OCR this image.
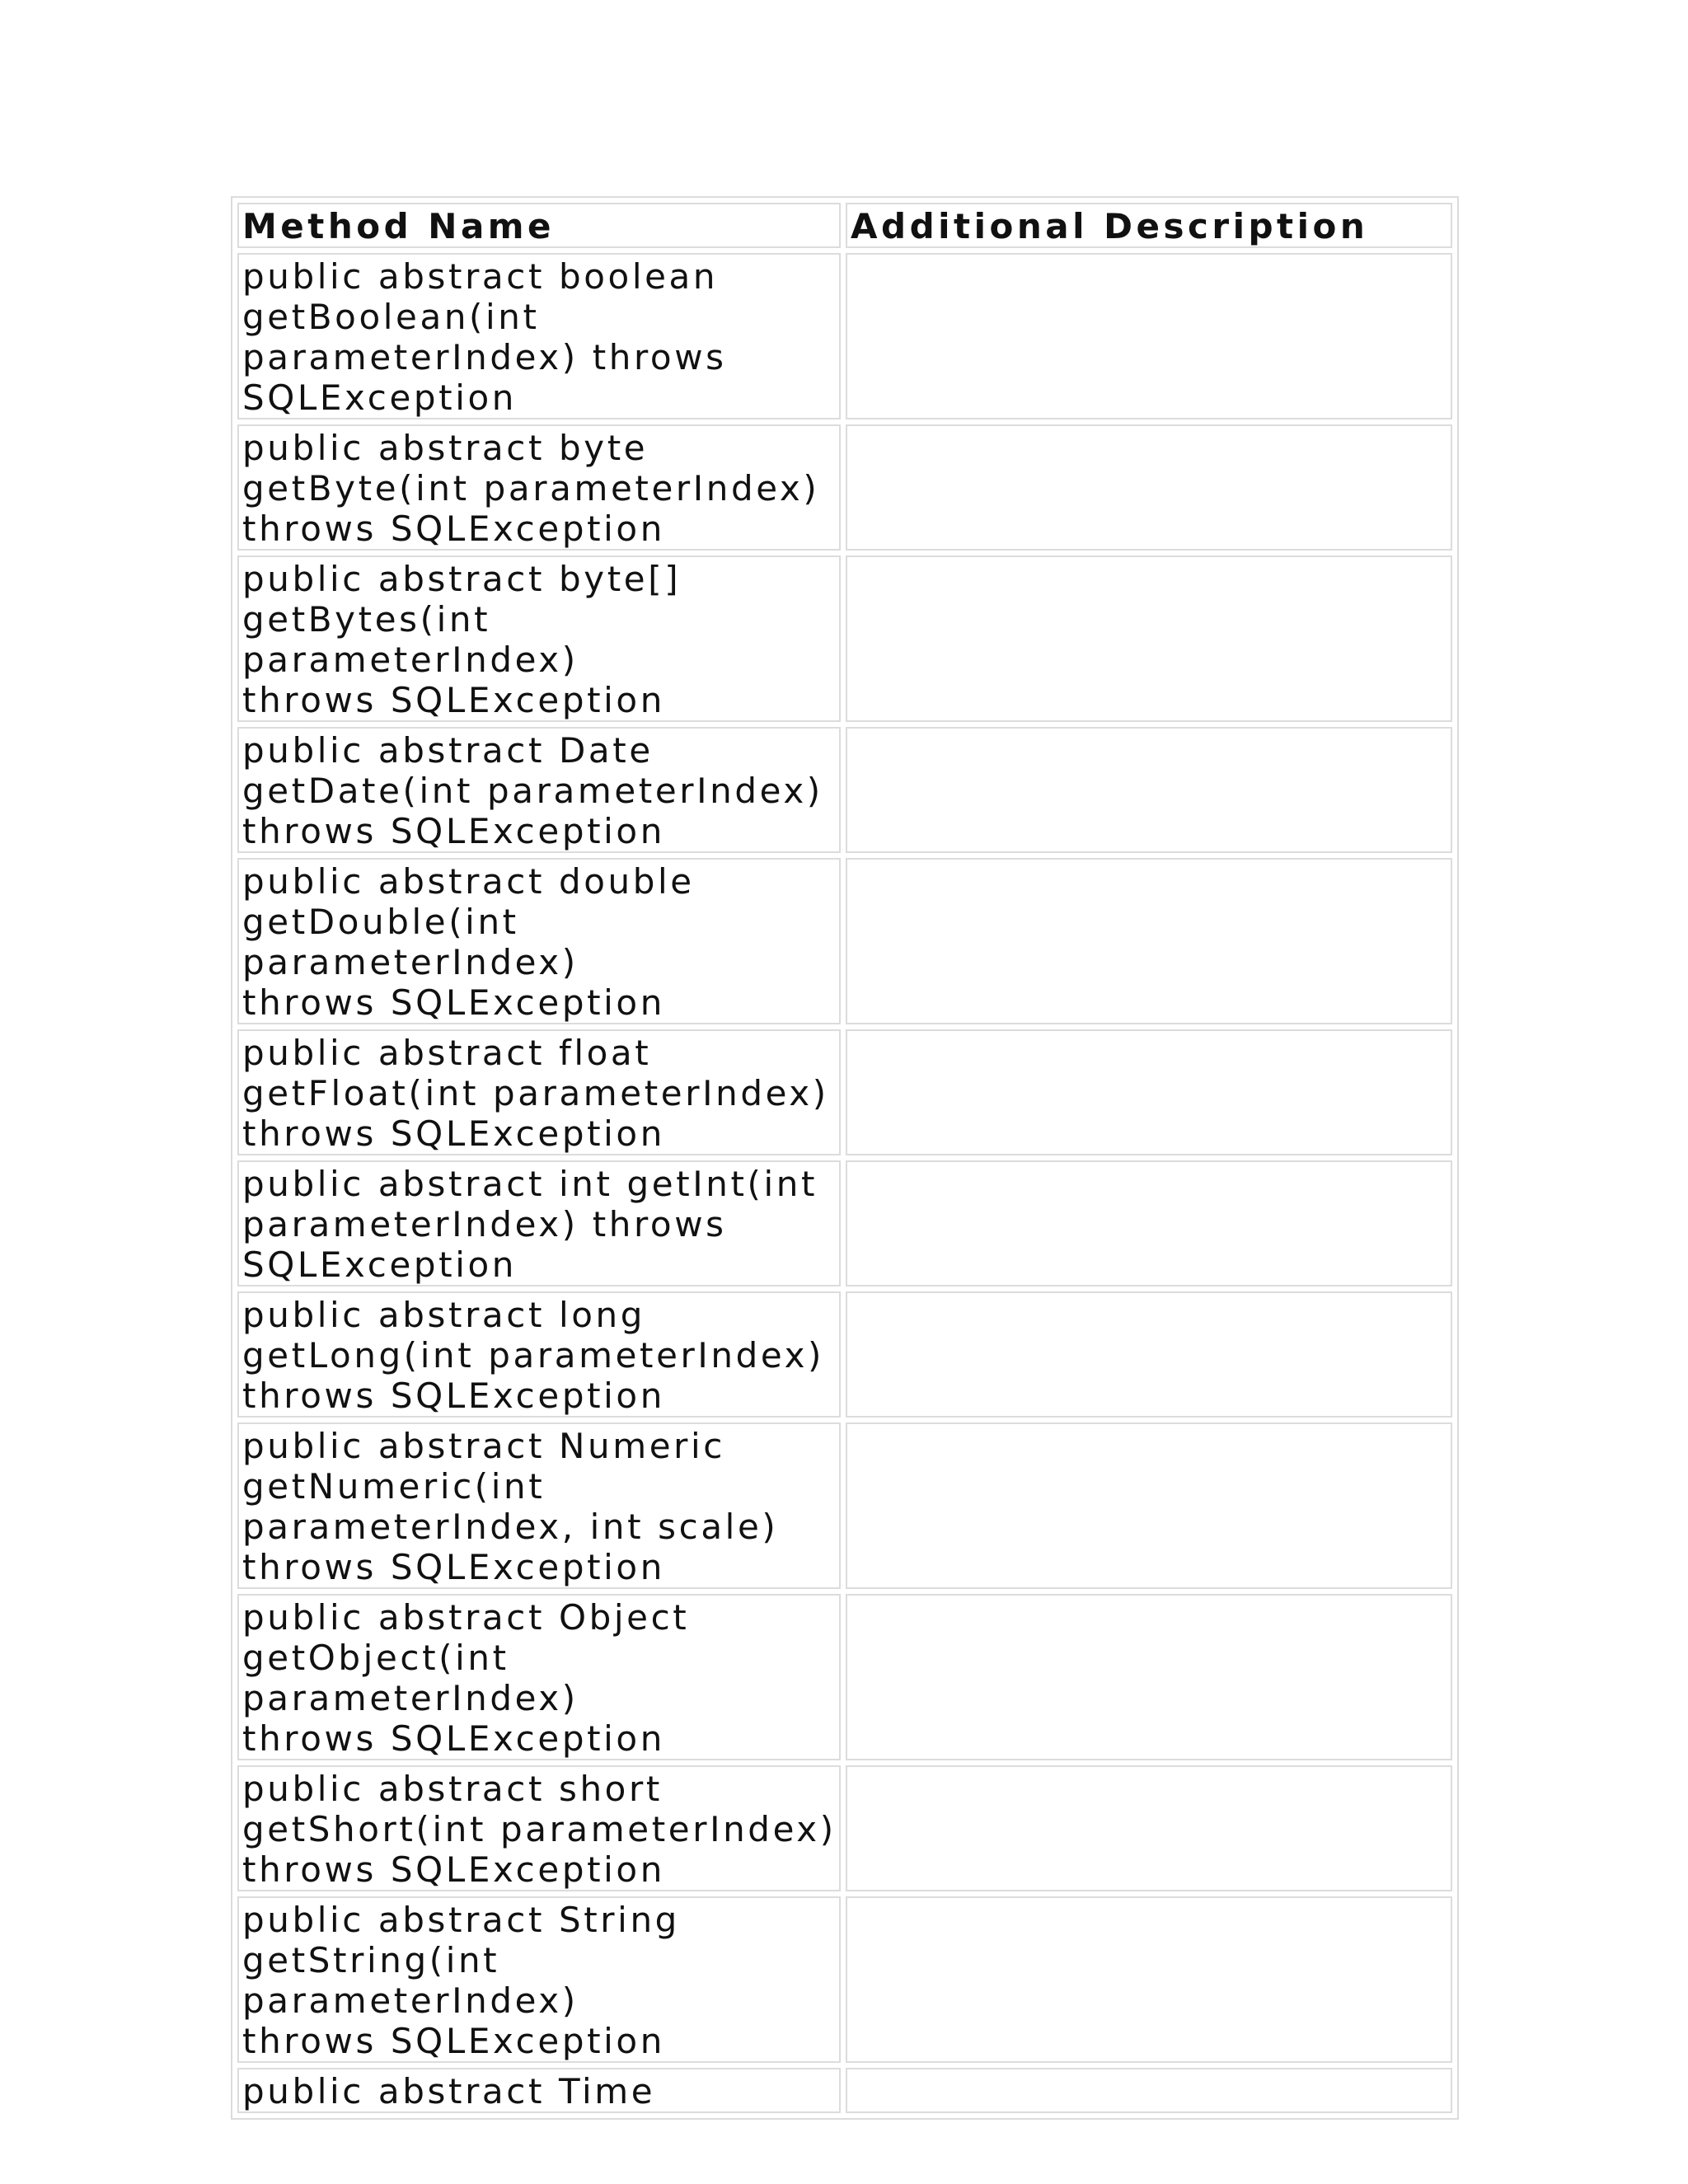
Method Name	Additional Description

public abstract boolean
getBoolean(int
parameterIndex) throws
SQLException	

public abstract byte
getByte(int parameterIndex)
throws SQLException	

public abstract byte[]
getBytes(int parameterIndex)
throws SQLException	

public abstract Date
getDate(int parameterIndex)
throws SQLException	

public abstract double
getDouble(int parameterIndex)
throws SQLException	

public abstract float
getFloat(int parameterIndex)
throws SQLException	

public abstract int getInt(int
parameterIndex) throws
SQLException	

public abstract long
getLong(int parameterIndex)
throws SQLException	

public abstract Numeric
getNumeric(int
parameterIndex, int scale)
throws SQLException	

public abstract Object
getObject(int parameterIndex)
throws SQLException	

public abstract short
getShort(int parameterIndex)
throws SQLException	

public abstract String
getString(int parameterIndex)
throws SQLException	

public abstract Time	
